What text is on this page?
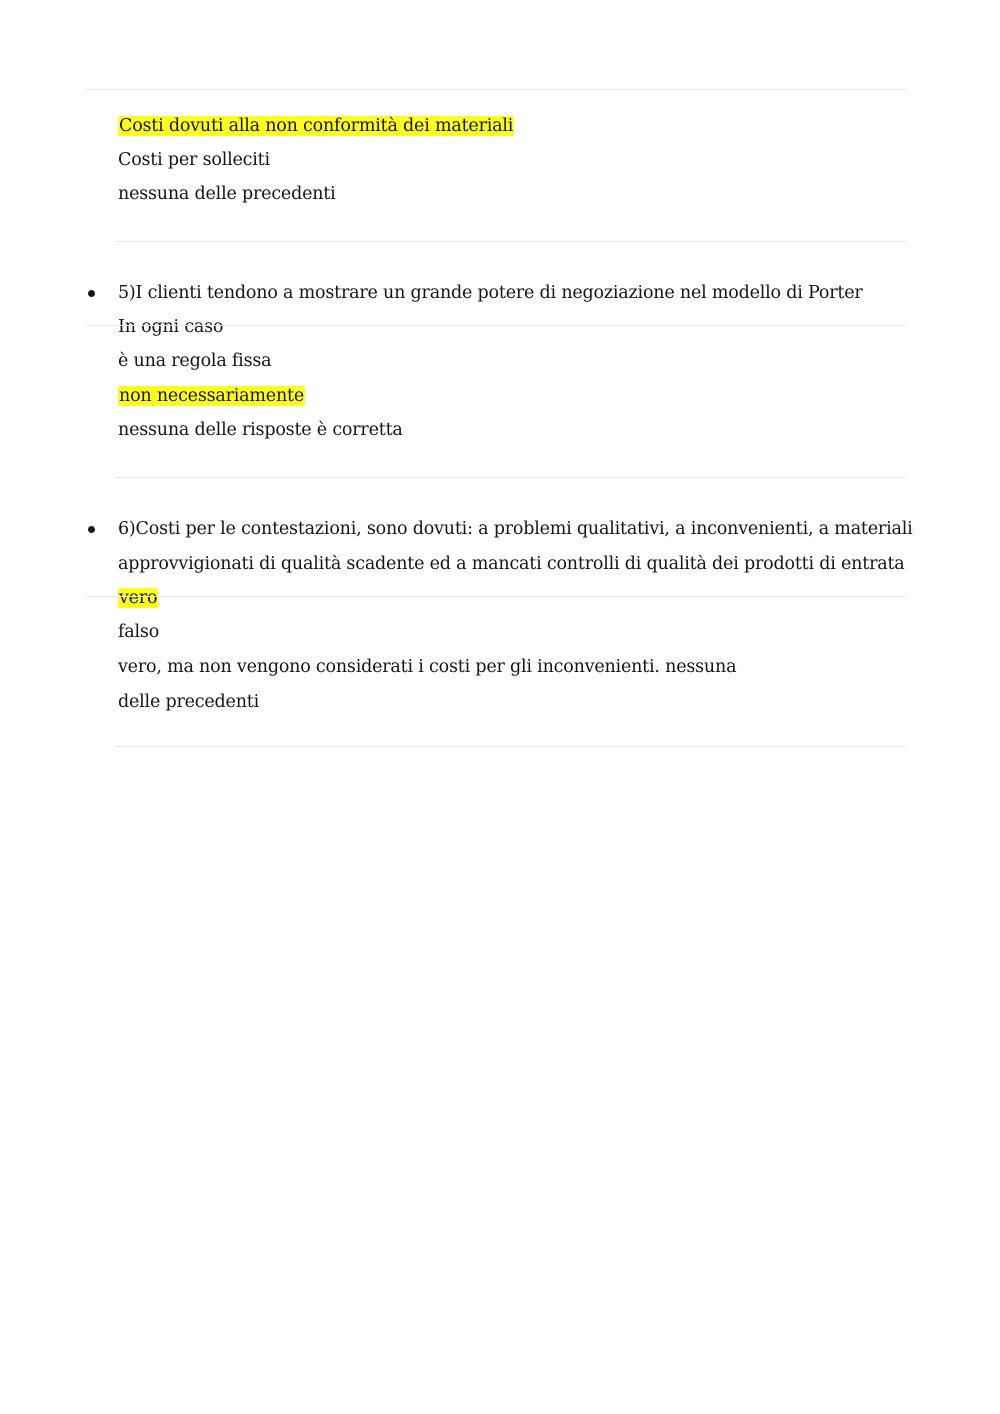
Costi dovuti alla non conformità dei materiali
Costi per solleciti
nessuna delle precedenti
5)I clienti tendono a mostrare un grande potere di negoziazione nel modello di Porter
In ogni caso
è una regola fissa
non necessariamente
nessuna delle risposte è corretta
6)Costi per le contestazioni, sono dovuti: a problemi qualitativi, a inconvenienti, a materiali
approvvigionati di qualità scadente ed a mancati controlli di qualità dei prodotti di entrata
vero
falso
vero, ma non vengono considerati i costi per gli inconvenienti. nessuna
delle precedenti
